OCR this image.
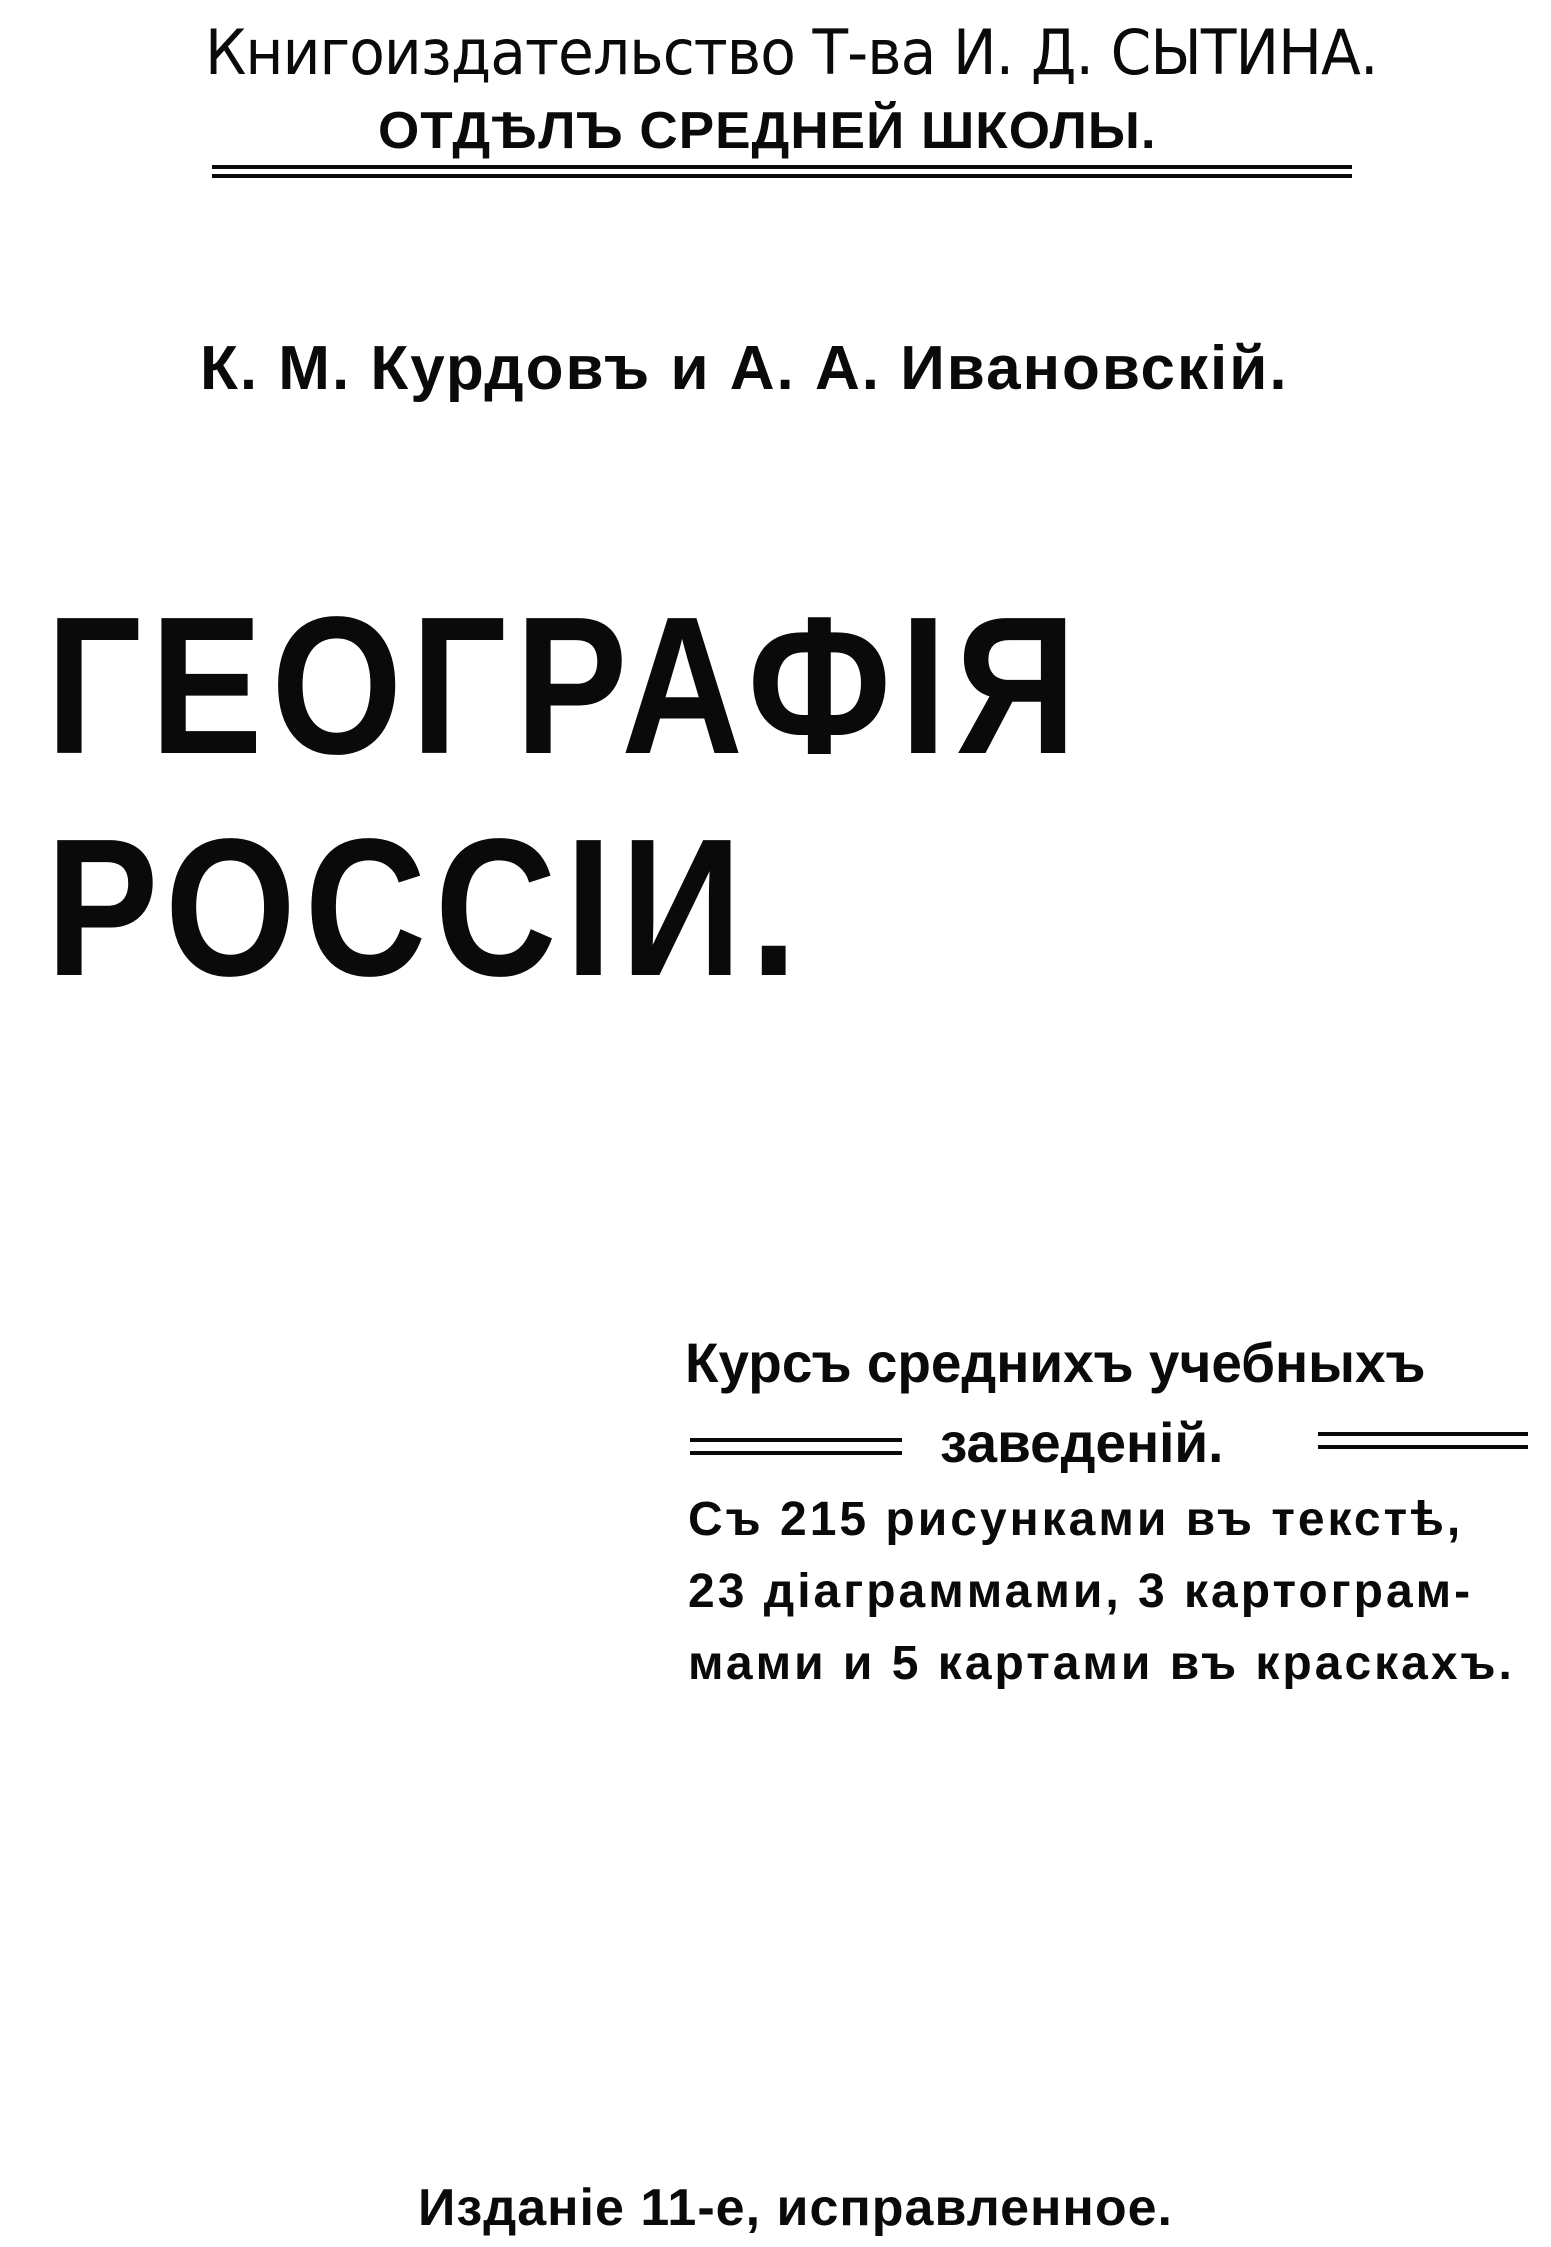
Книгоиздательство Т-ва И. Д. СЫТИНА.
ОТДѢЛЪ СРЕДНЕЙ ШКОЛЫ.
К. М. Курдовъ и А. А. Ивановскій.
ГЕОГРАФІЯ
РОССІИ.
Курсъ среднихъ учебныхъ
заведеній.
Съ 215 рисунками въ текстѣ,
23 діаграммами, 3 картограм-
мами и 5 картами въ краскахъ.
Изданіе 11-е, исправленное.
